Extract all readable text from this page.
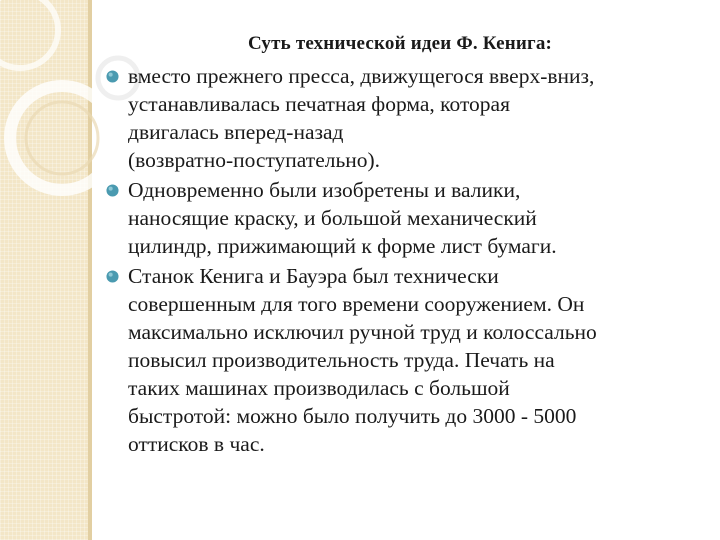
Суть технической идеи Ф. Кенига:
вместо прежнего пресса, движущегося вверх-вниз,
устанавливалась печатная форма, которая
двигалась вперед-назад
(возвратно-поступательно).
Одновременно были изобретены и валики,
наносящие краску, и большой механический
цилиндр, прижимающий к форме лист бумаги.
Станок Кенига и Бауэра был технически
совершенным для того времени сооружением. Он
максимально исключил ручной труд и колоссально
повысил производительность труда. Печать на
таких машинах производилась с большой
быстротой: можно было получить до 3000 - 5000
оттисков в час.
